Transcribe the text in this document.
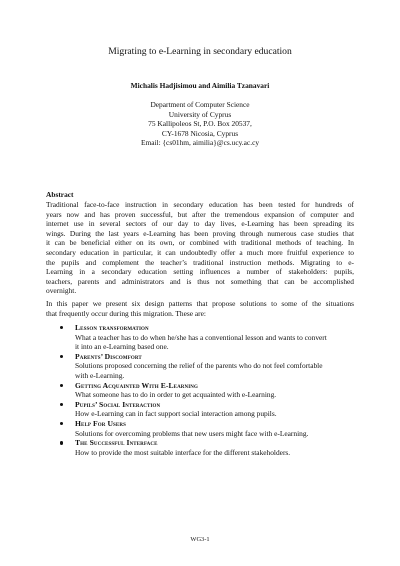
Migrating to e-Learning in secondary education
Michalis Hadjisimou and Aimilia Tzanavari
Department of Computer Science
University of Cyprus
75 Kallipoleos St, P.O. Box 20537,
CY-1678 Nicosia, Cyprus
Email: {cs01hm, aimilia}@cs.ucy.ac.cy
Abstract
Traditional face-to-face instruction in secondary education has been tested for hundreds of
years now and has proven successful, but after the tremendous expansion of computer and
internet use in several sectors of our day to day lives, e-Learning has been spreading its
wings. During the last years e-Learning has been proving through numerous case studies that
it can be beneficial either on its own, or combined with traditional methods of teaching. In
secondary education in particular, it can undoubtedly offer a much more fruitful experience to
the pupils and complement the teacher’s traditional instruction methods. Migrating to e-
Learning in a secondary education setting influences a number of stakeholders: pupils,
teachers, parents and administrators and is thus not something that can be accomplished
overnight.
In this paper we present six design patterns that propose solutions to some of the situations
that frequently occur during this migration. These are:
Lesson transformation
What a teacher has to do when he/she has a conventional lesson and wants to convert
it into an e-Learning based one.
Parents’ Discomfort
Solutions proposed concerning the relief of the parents who do not feel comfortable
with e-Learning.
Getting Acquainted With E-Learning
What someone has to do in order to get acquainted with e-Learning.
Pupils’ Social Interaction
How e-Learning can in fact support social interaction among pupils.
Help For Users
Solutions for overcoming problems that new users might face with e-Learning.
The Successful Interface
How to provide the most suitable interface for the different stakeholders.
WG3-1
